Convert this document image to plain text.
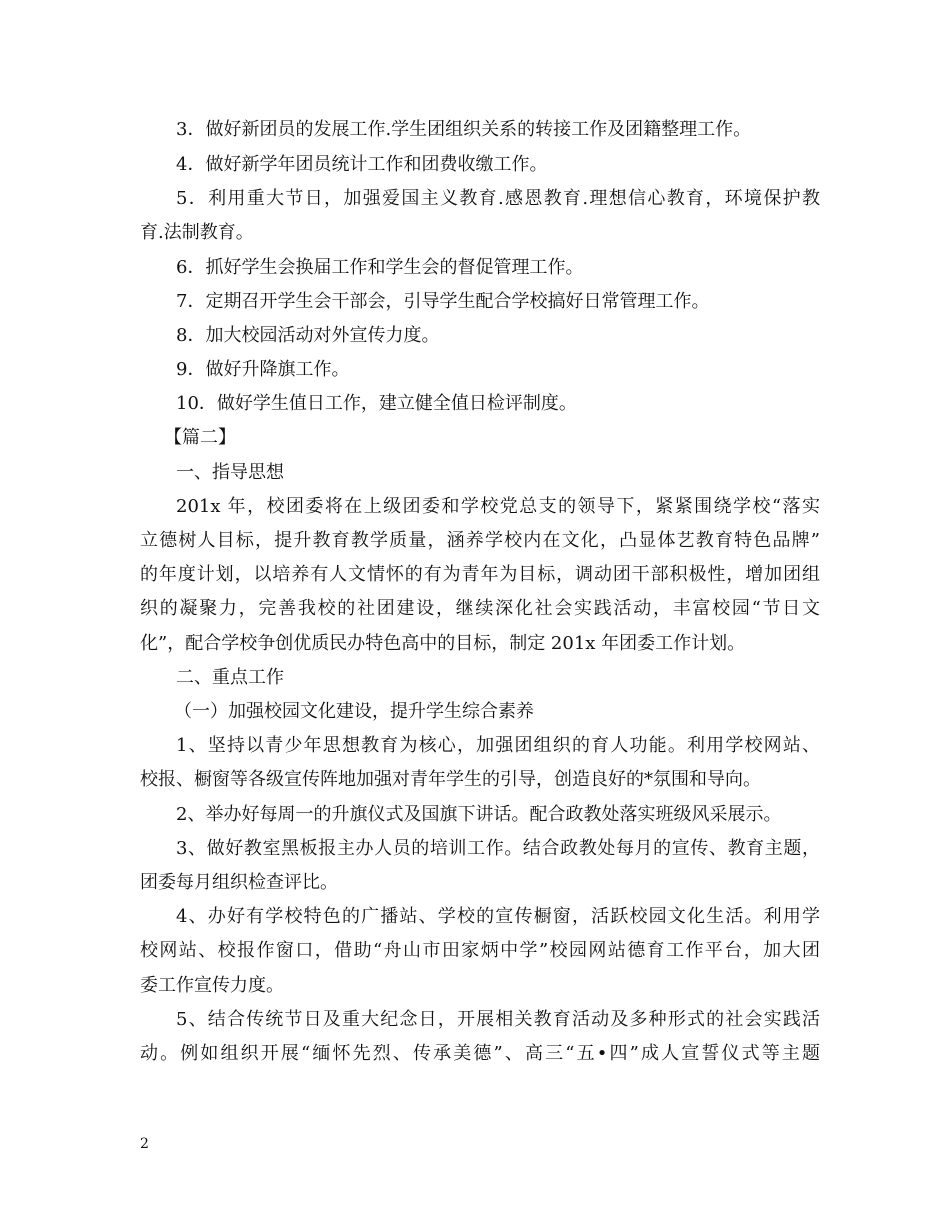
3．做好新团员的发展工作.学生团组织关系的转接工作及团籍整理工作。
4．做好新学年团员统计工作和团费收缴工作。
5．利用重大节日，加强爱国主义教育.感恩教育.理想信心教育，环境保护教
育.法制教育。
6．抓好学生会换届工作和学生会的督促管理工作。
7．定期召开学生会干部会，引导学生配合学校搞好日常管理工作。
8．加大校园活动对外宣传力度。
9．做好升降旗工作。
10．做好学生值日工作，建立健全值日检评制度。
【篇二】
一、指导思想
201x 年，校团委将在上级团委和学校党总支的领导下，紧紧围绕学校“落实
立德树人目标，提升教育教学质量，涵养学校内在文化，凸显体艺教育特色品牌”
的年度计划，以培养有人文情怀的有为青年为目标，调动团干部积极性，增加团组
织的凝聚力，完善我校的社团建设，继续深化社会实践活动，丰富校园“节日文
化”，配合学校争创优质民办特色高中的目标，制定 201x 年团委工作计划。
二、重点工作
（一）加强校园文化建设，提升学生综合素养
1、坚持以青少年思想教育为核心，加强团组织的育人功能。利用学校网站、
校报、橱窗等各级宣传阵地加强对青年学生的引导，创造良好的*氛围和导向。
2、举办好每周一的升旗仪式及国旗下讲话。配合政教处落实班级风采展示。
3、做好教室黑板报主办人员的培训工作。结合政教处每月的宣传、教育主题，
团委每月组织检查评比。
4、办好有学校特色的广播站、学校的宣传橱窗，活跃校园文化生活。利用学
校网站、校报作窗口，借助“舟山市田家炳中学”校园网站德育工作平台，加大团
委工作宣传力度。
5、结合传统节日及重大纪念日，开展相关教育活动及多种形式的社会实践活
动。例如组织开展“缅怀先烈、传承美德”、高三“五•四”成人宣誓仪式等主题
2
